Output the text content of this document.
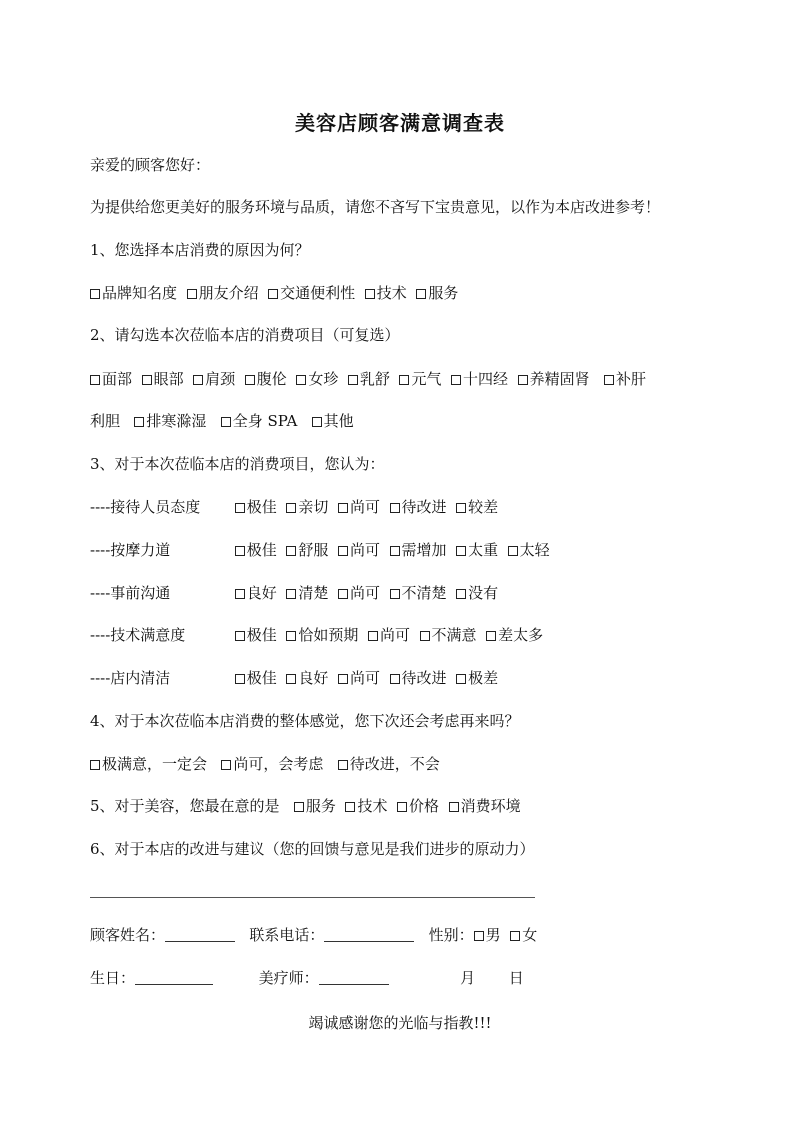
美容店顾客满意调查表
亲爱的顾客您好：
为提供给您更美好的服务环境与品质，请您不吝写下宝贵意见，以作为本店改进参考！
1、您选择本店消费的原因为何？
品牌知名度 朋友介绍 交通便利性 技术 服务
2、请勾选本次莅临本店的消费项目（可复选）
面部 眼部 肩颈 腹伦 女珍 乳舒 元气 十四经 养精固肾 补肝
利胆 排寒滁湿 全身 SPA 其他
3、对于本次莅临本店的消费项目，您认为：
----接待人员态度	极佳 亲切 尚可 待改进 较差
----按摩力道	极佳 舒服 尚可 需增加 太重 太轻
----事前沟通	良好 清楚 尚可 不清楚 没有
----技术满意度	极佳 恰如预期 尚可 不满意 差太多
----店内清洁	极佳 良好 尚可 待改进 极差
4、对于本次莅临本店消费的整体感觉，您下次还会考虑再来吗？
极满意，一定会 尚可，会考虑 待改进，不会
5、对于美容，您最在意的是 服务 技术 价格 消费环境
6、对于本店的改进与建议（您的回馈与意见是我们进步的原动力）
顾客姓名：	联系电话：	性别： 男 女
生日：	美疗师：	月 日
竭诚感谢您的光临与指教!!!
